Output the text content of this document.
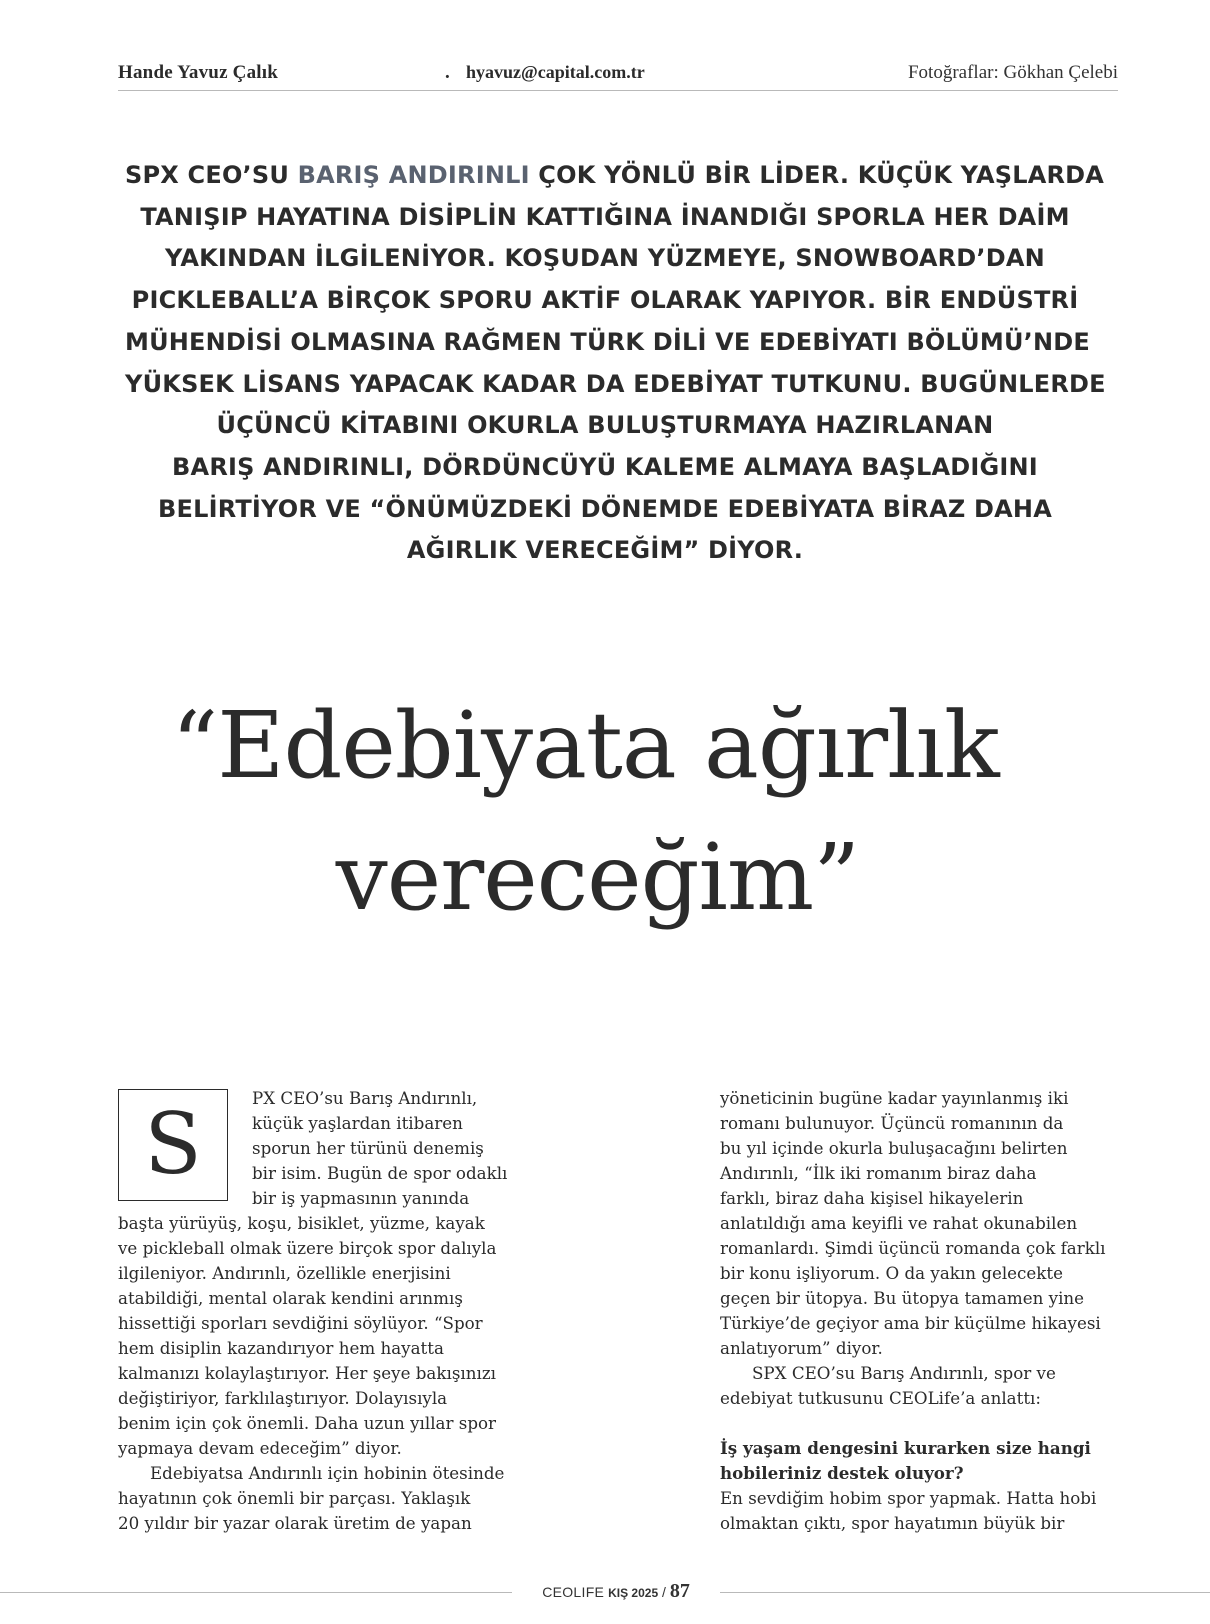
Hande Yavuz Çalık	. hyavuz@capital.com.tr	Fotoğraflar: Gökhan Çelebi
SPX CEO’SU BARIŞ ANDIRINLI ÇOK YÖNLÜ BİR LİDER. KÜÇÜK YAŞLARDA
TANIŞIP HAYATINA DİSİPLİN KATTIĞINA İNANDIĞI SPORLA HER DAİM
YAKINDAN İLGİLENİYOR. KOŞUDAN YÜZMEYE, SNOWBOARD’DAN
PICKLEBALL’A BİRÇOK SPORU AKTİF OLARAK YAPIYOR. BİR ENDÜSTRİ
MÜHENDİSİ OLMASINA RAĞMEN TÜRK DİLİ VE EDEBİYATI BÖLÜMÜ’NDE
YÜKSEK LİSANS YAPACAK KADAR DA EDEBİYAT TUTKUNU. BUGÜNLERDE
ÜÇÜNCÜ KİTABINI OKURLA BULUŞTURMAYA HAZIRLANAN
BARIŞ ANDIRINLI, DÖRDÜNCÜYÜ KALEME ALMAYA BAŞLADIĞINI
BELİRTİYOR VE “ÖNÜMÜZDEKİ DÖNEMDE EDEBİYATA BİRAZ DAHA
AĞIRLIK VERECEĞİM” DİYOR.
“Edebiyata ağırlık
vereceğim”
S	PX CEO’su Barış Andırınlı,
küçük yaşlardan itibaren
sporun her türünü denemiş
bir isim. Bugün de spor odaklı
bir iş yapmasının yanında
başta yürüyüş, koşu, bisiklet, yüzme, kayak
ve pickleball olmak üzere birçok spor dalıyla
ilgileniyor. Andırınlı, özellikle enerjisini
atabildiği, mental olarak kendini arınmış
hissettiği sporları sevdiğini söylüyor. “Spor
hem disiplin kazandırıyor hem hayatta
kalmanızı kolaylaştırıyor. Her şeye bakışınızı
değiştiriyor, farklılaştırıyor. Dolayısıyla
benim için çok önemli. Daha uzun yıllar spor
yapmaya devam edeceğim” diyor.
Edebiyatsa Andırınlı için hobinin ötesinde
hayatının çok önemli bir parçası. Yaklaşık
20 yıldır bir yazar olarak üretim de yapan
yöneticinin bugüne kadar yayınlanmış iki
romanı bulunuyor. Üçüncü romanının da
bu yıl içinde okurla buluşacağını belirten
Andırınlı, “İlk iki romanım biraz daha
farklı, biraz daha kişisel hikayelerin
anlatıldığı ama keyifli ve rahat okunabilen
romanlardı. Şimdi üçüncü romanda çok farklı
bir konu işliyorum. O da yakın gelecekte
geçen bir ütopya. Bu ütopya tamamen yine
Türkiye’de geçiyor ama bir küçülme hikayesi
anlatıyorum” diyor.
SPX CEO’su Barış Andırınlı, spor ve
edebiyat tutkusunu CEOLife’a anlattı:
İş yaşam dengesini kurarken size hangi
hobileriniz destek oluyor?
En sevdiğim hobim spor yapmak. Hatta hobi
olmaktan çıktı, spor hayatımın büyük bir
CEOLIFE KIŞ 2025 / 87
